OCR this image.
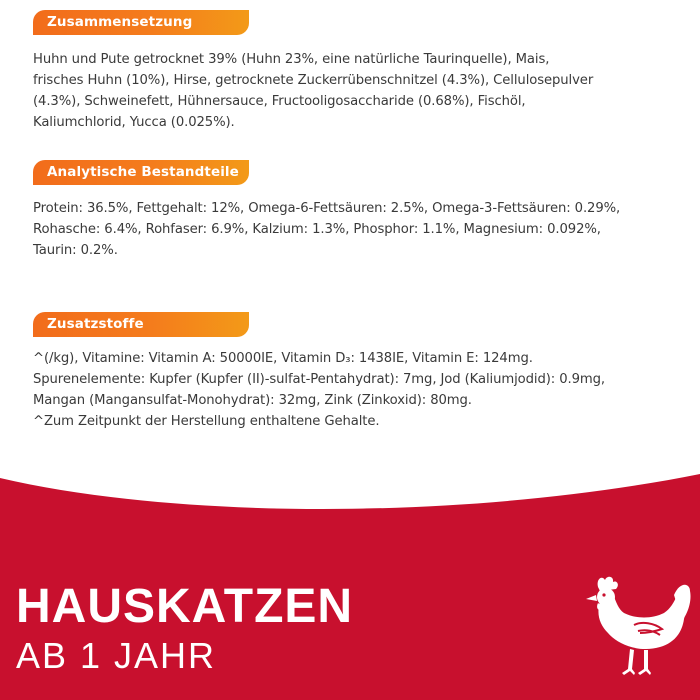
Zusammensetzung
Huhn und Pute getrocknet 39% (Huhn 23%, eine natürliche Taurinquelle), Mais,
frisches Huhn (10%), Hirse, getrocknete Zuckerrübenschnitzel (4.3%), Cellulosepulver
(4.3%), Schweinefett, Hühnersauce, Fructooligosaccharide (0.68%), Fischöl,
Kaliumchlorid, Yucca (0.025%).
Analytische Bestandteile
Protein: 36.5%, Fettgehalt: 12%, Omega-6-Fettsäuren: 2.5%, Omega-3-Fettsäuren: 0.29%,
Rohasche: 6.4%, Rohfaser: 6.9%, Kalzium: 1.3%, Phosphor: 1.1%, Magnesium: 0.092%,
Taurin: 0.2%.
Zusatzstoffe
^(/kg), Vitamine: Vitamin A: 50000IE, Vitamin D₃: 1438IE, Vitamin E: 124mg.
Spurenelemente: Kupfer (Kupfer (II)-sulfat-Pentahydrat): 7mg, Jod (Kaliumjodid): 0.9mg,
Mangan (Mangansulfat-Monohydrat): 32mg, Zink (Zinkoxid): 80mg.
^Zum Zeitpunkt der Herstellung enthaltene Gehalte.
HAUSKATZEN
AB 1 JAHR
